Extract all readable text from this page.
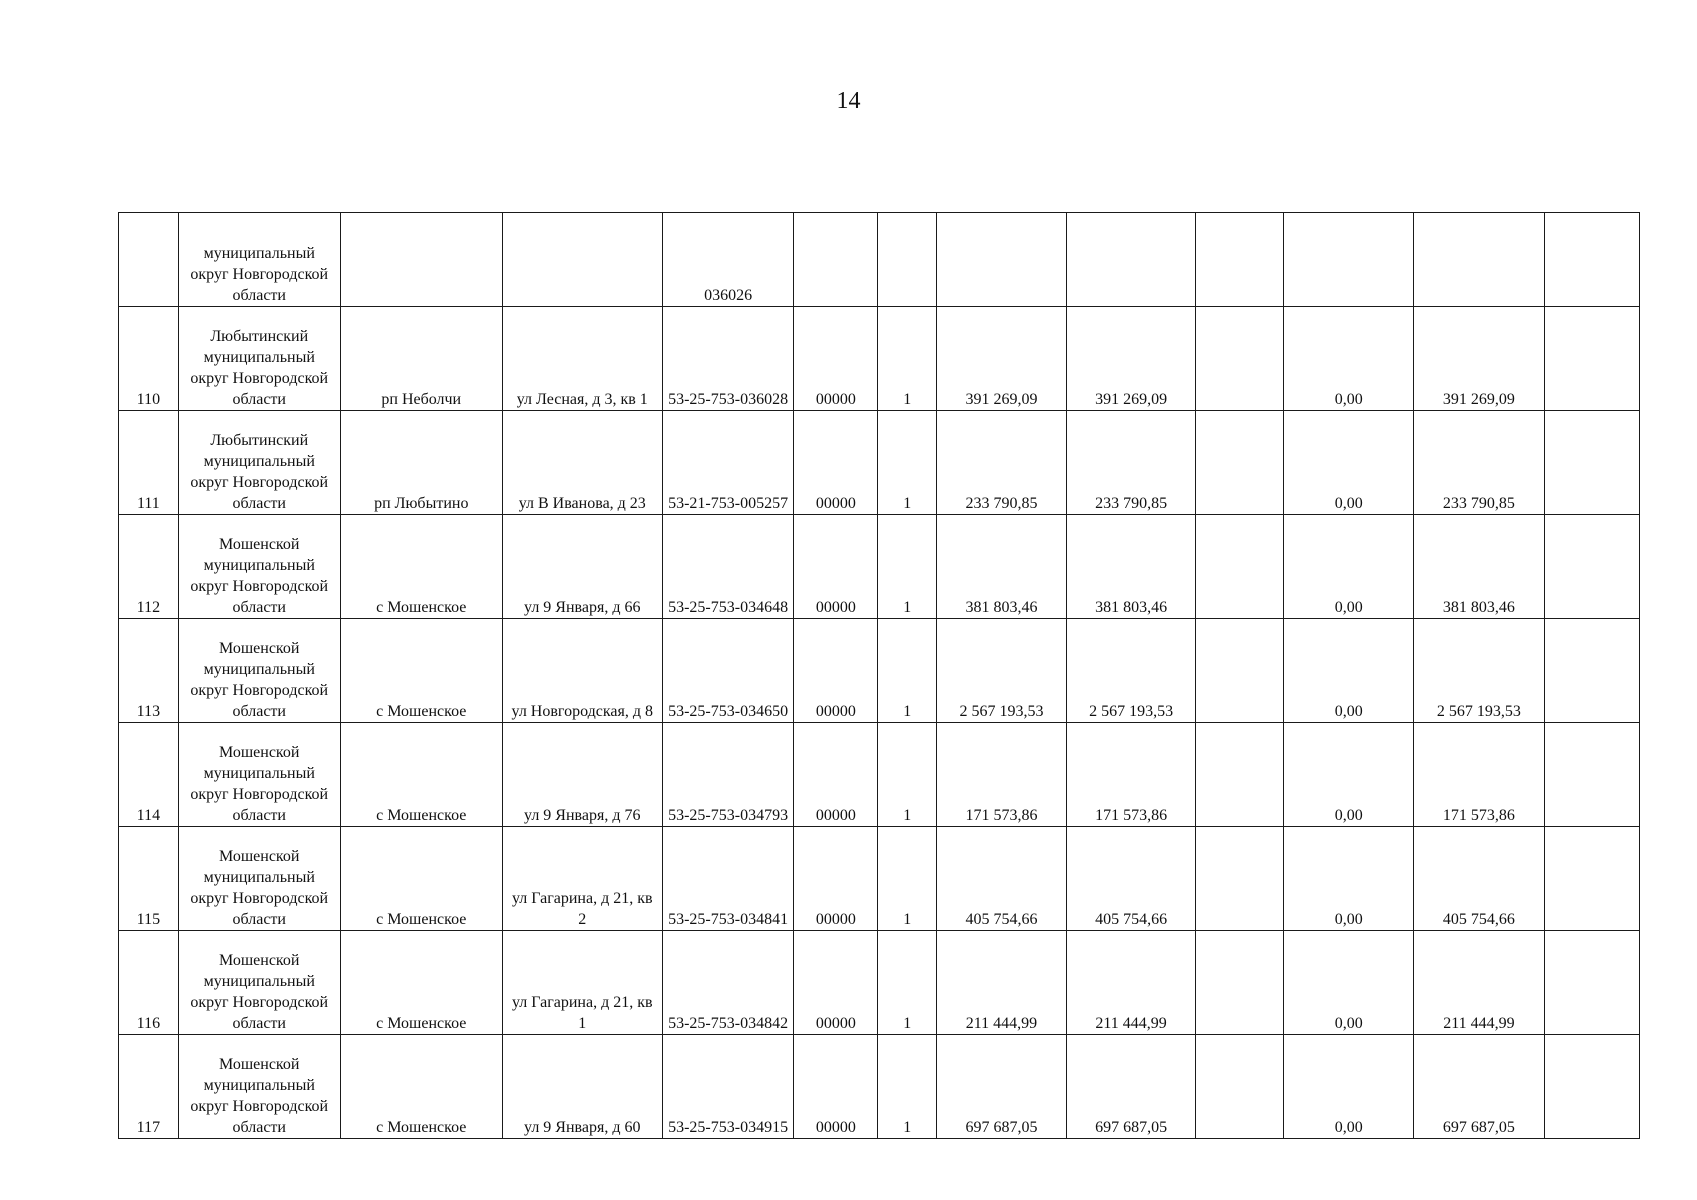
14
	муниципальный округ Новгородской области			036026								
110	Любытинский муниципальный округ Новгородской области	рп Неболчи	ул Лесная, д 3, кв 1	53-25-753-036028	00000	1	391 269,09	391 269,09		0,00	391 269,09	
111	Любытинский муниципальный округ Новгородской области	рп Любытино	ул В Иванова, д 23	53-21-753-005257	00000	1	233 790,85	233 790,85		0,00	233 790,85	
112	Мошенской муниципальный округ Новгородской области	с Мошенское	ул 9 Января, д 66	53-25-753-034648	00000	1	381 803,46	381 803,46		0,00	381 803,46	
113	Мошенской муниципальный округ Новгородской области	с Мошенское	ул Новгородская, д 8	53-25-753-034650	00000	1	2 567 193,53	2 567 193,53		0,00	2 567 193,53	
114	Мошенской муниципальный округ Новгородской области	с Мошенское	ул 9 Января, д 76	53-25-753-034793	00000	1	171 573,86	171 573,86		0,00	171 573,86	
115	Мошенской муниципальный округ Новгородской области	с Мошенское	ул Гагарина, д 21, кв 2	53-25-753-034841	00000	1	405 754,66	405 754,66		0,00	405 754,66	
116	Мошенской муниципальный округ Новгородской области	с Мошенское	ул Гагарина, д 21, кв 1	53-25-753-034842	00000	1	211 444,99	211 444,99		0,00	211 444,99	
117	Мошенской муниципальный округ Новгородской области	с Мошенское	ул 9 Января, д 60	53-25-753-034915	00000	1	697 687,05	697 687,05		0,00	697 687,05	
